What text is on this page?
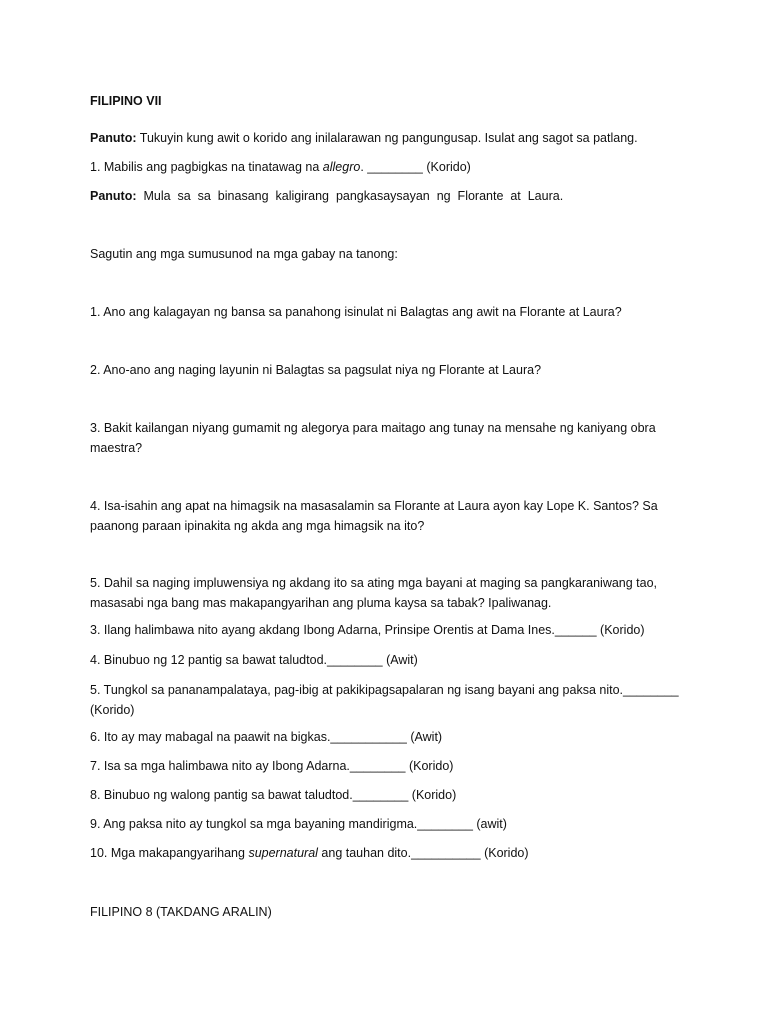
FILIPINO VII
Panuto: Tukuyin kung awit o korido ang inilalarawan ng pangungusap. Isulat ang sagot sa patlang.
1. Mabilis ang pagbigkas na tinatawag na allegro. ________ (Korido)
Panuto:  Mula  sa  sa  binasang  kaligirang  pangkasaysayan  ng  Florante  at  Laura.
Sagutin ang mga sumusunod na mga gabay na tanong:
1. Ano ang kalagayan ng bansa sa panahong isinulat ni Balagtas ang awit na Florante at Laura?
2. Ano-ano ang naging layunin ni Balagtas sa pagsulat niya ng Florante at Laura?
3. Bakit kailangan niyang gumamit ng alegorya para maitago ang tunay na mensahe ng kaniyang obra maestra?
4. Isa-isahin ang apat na himagsik na masasalamin sa Florante at Laura ayon kay Lope K. Santos? Sa paanong paraan ipinakita ng akda ang mga himagsik na ito?
5. Dahil sa naging impluwensiya ng akdang ito sa ating mga bayani at maging sa pangkaraniwang tao, masasabi nga bang mas makapangyarihan ang pluma kaysa sa tabak? Ipaliwanag.
3. Ilang halimbawa nito ayang akdang Ibong Adarna, Prinsipe Orentis at Dama Ines.______ (Korido)
4. Binubuo ng 12 pantig sa bawat taludtod.________ (Awit)
5. Tungkol sa pananampalataya, pag-ibig at pakikipagsapalaran ng isang bayani ang paksa nito.________ (Korido)
6. Ito ay may mabagal na paawit na bigkas.___________ (Awit)
7. Isa sa mga halimbawa nito ay Ibong Adarna.________ (Korido)
8. Binubuo ng walong pantig sa bawat taludtod.________ (Korido)
9. Ang paksa nito ay tungkol sa mga bayaning mandirigma.________ (awit)
10. Mga makapangyarihang supernatural ang tauhan dito.__________ (Korido)
FILIPINO 8 (TAKDANG ARALIN)
